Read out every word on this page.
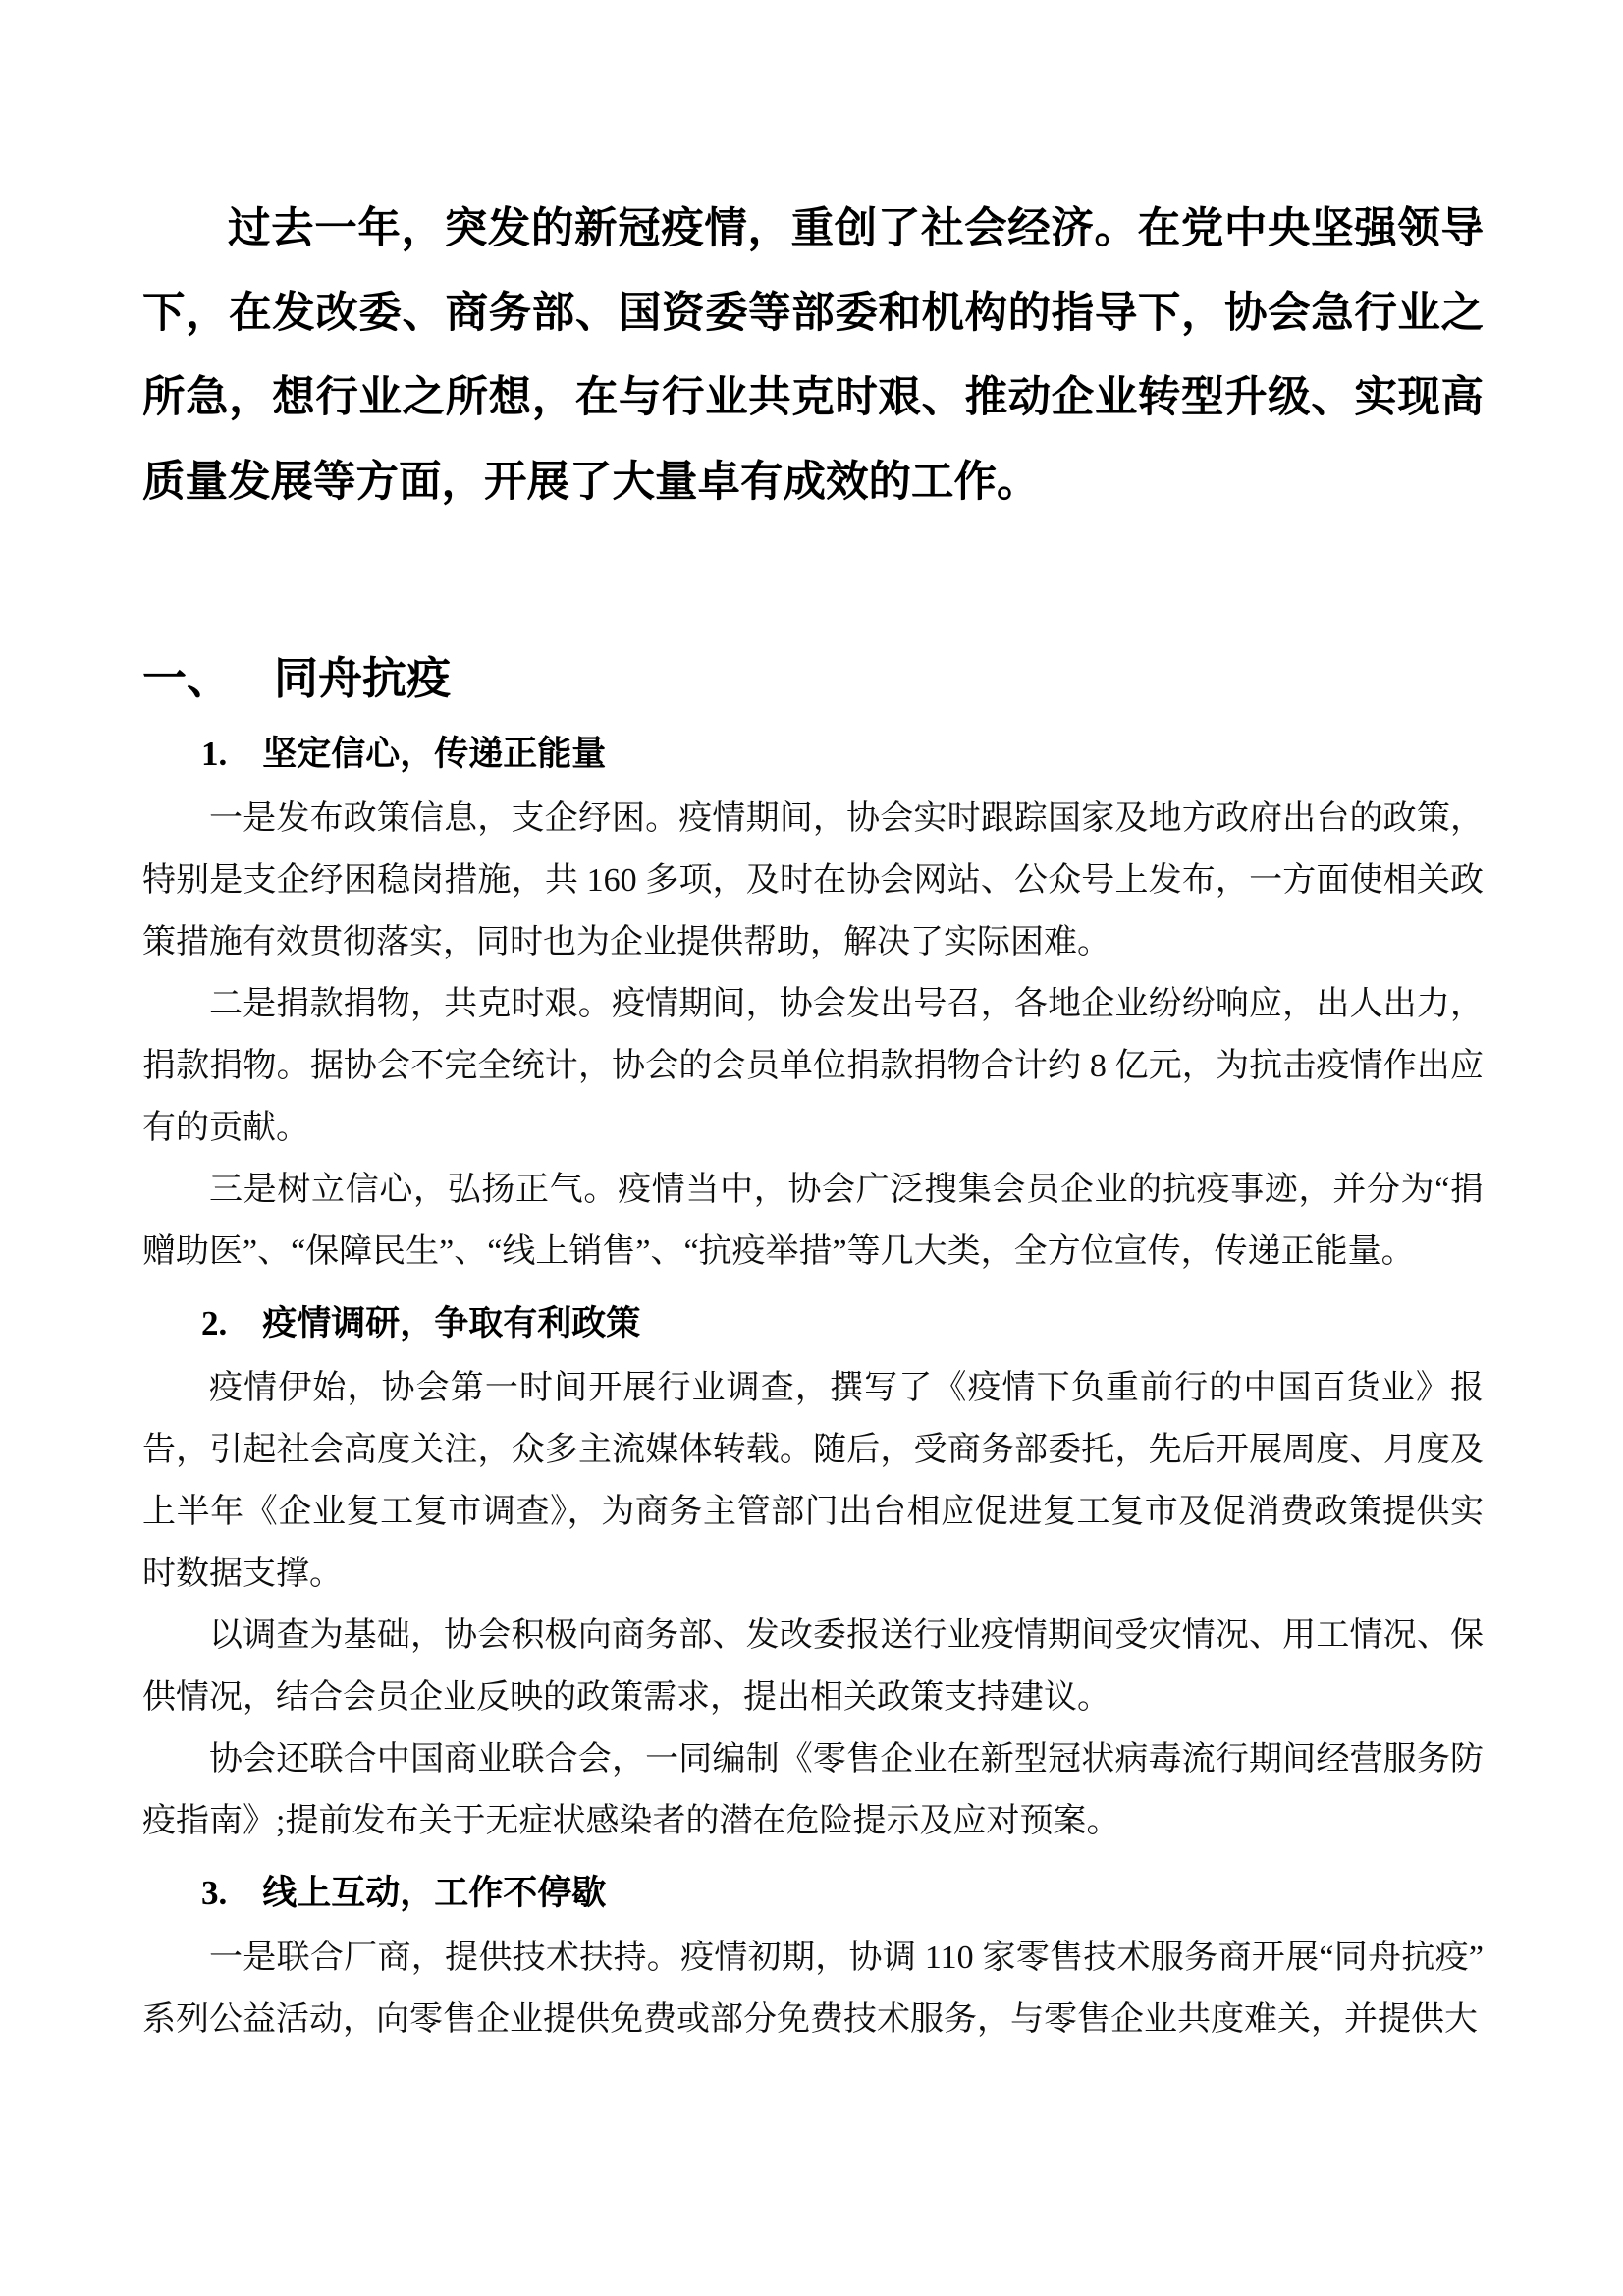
过去一年，突发的新冠疫情，重创了社会经济。在党中央坚强领导下，在发改委、商务部、国资委等部委和机构的指导下，协会急行业之所急，想行业之所想，在与行业共克时艰、推动企业转型升级、实现高质量发展等方面，开展了大量卓有成效的工作。

一、 同舟抗疫
1. 坚定信心，传递正能量

一是发布政策信息，支企纾困。疫情期间，协会实时跟踪国家及地方政府出台的政策，特别是支企纾困稳岗措施，共 160 多项，及时在协会网站、公众号上发布，一方面使相关政策措施有效贯彻落实，同时也为企业提供帮助，解决了实际困难。

二是捐款捐物，共克时艰。疫情期间，协会发出号召，各地企业纷纷响应，出人出力，捐款捐物。据协会不完全统计，协会的会员单位捐款捐物合计约 8 亿元，为抗击疫情作出应有的贡献。

三是树立信心，弘扬正气。疫情当中，协会广泛搜集会员企业的抗疫事迹，并分为“捐赠助医”、“保障民生”、“线上销售”、“抗疫举措”等几大类，全方位宣传，传递正能量。

2. 疫情调研，争取有利政策

疫情伊始，协会第一时间开展行业调查，撰写了《疫情下负重前行的中国百货业》报告，引起社会高度关注，众多主流媒体转载。随后，受商务部委托，先后开展周度、月度及上半年《企业复工复市调查》，为商务主管部门出台相应促进复工复市及促消费政策提供实时数据支撑。

以调查为基础，协会积极向商务部、发改委报送行业疫情期间受灾情况、用工情况、保供情况，结合会员企业反映的政策需求，提出相关政策支持建议。

协会还联合中国商业联合会，一同编制《零售企业在新型冠状病毒流行期间经营服务防疫指南》;提前发布关于无症状感染者的潜在危险提示及应对预案。

3. 线上互动，工作不停歇

一是联合厂商，提供技术扶持。疫情初期，协调 110 家零售技术服务商开展“同舟抗疫”系列公益活动，向零售企业提供免费或部分免费技术服务，与零售企业共度难关，并提供大
